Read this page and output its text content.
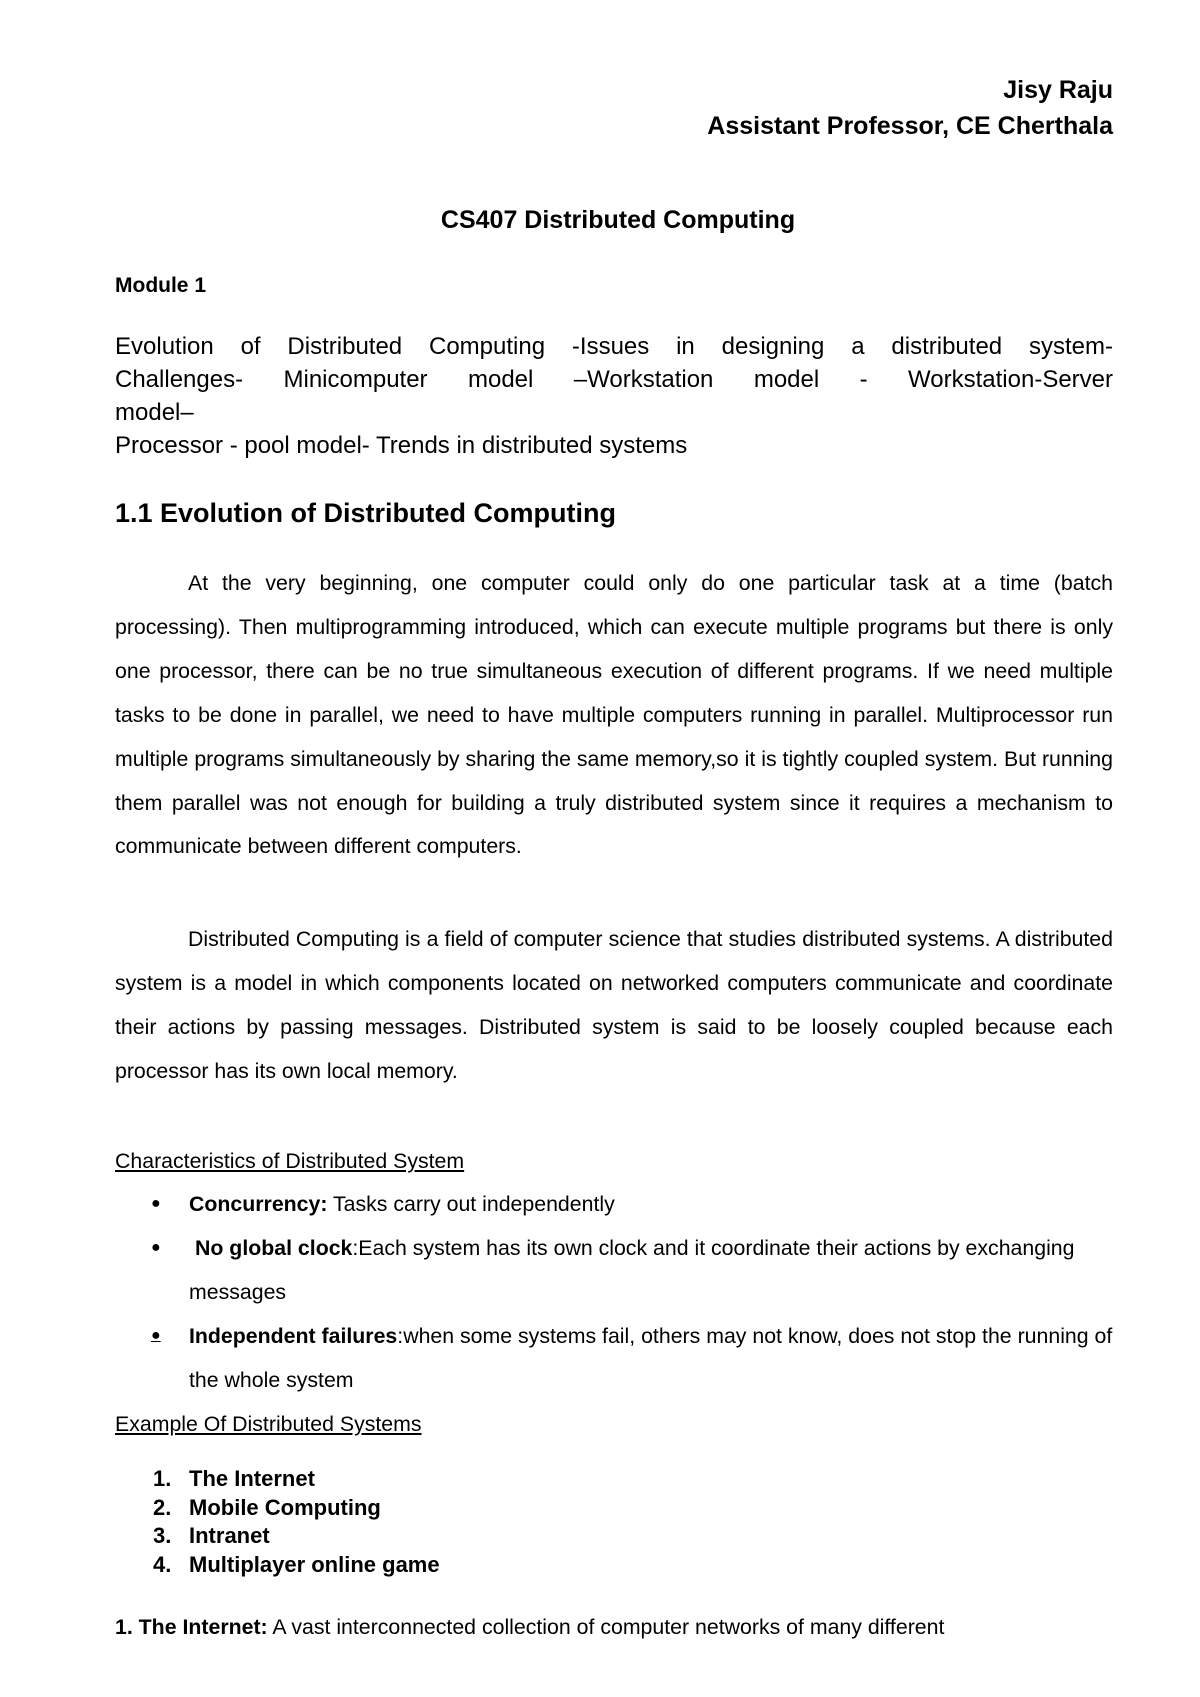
Jisy Raju
Assistant Professor, CE Cherthala
CS407 Distributed Computing
Module 1
Evolution of Distributed Computing -Issues in designing a distributed system-
Challenges- Minicomputer model –Workstation model - Workstation-Server
model–
Processor - pool model- Trends in distributed systems
1.1 Evolution of Distributed Computing

At the very beginning, one computer could only do one particular task at a time (batch processing). Then multiprogramming introduced, which can execute multiple programs but there is only one processor, there can be no true simultaneous execution of different programs. If we need multiple tasks to be done in parallel, we need to have multiple computers running in parallel. Multiprocessor run multiple programs simultaneously by sharing the same memory,so it is tightly coupled system. But running them parallel was not enough for building a truly distributed system since it requires a mechanism to communicate between different computers.

Distributed Computing is a field of computer science that studies distributed systems. A distributed system is a model in which components located on networked computers communicate and coordinate their actions by passing messages. Distributed system is said to be loosely coupled because each processor has its own local memory.

Characteristics of Distributed System
● Concurrency: Tasks carry out independently
● No global clock:Each system has its own clock and it coordinate their actions by exchanging messages
● Independent failures:when some systems fail, others may not know, does not stop the running of the whole system
Example Of Distributed Systems
1. The Internet
2. Mobile Computing
3. Intranet
4. Multiplayer online game
1. The Internet: A vast interconnected collection of computer networks of many different
